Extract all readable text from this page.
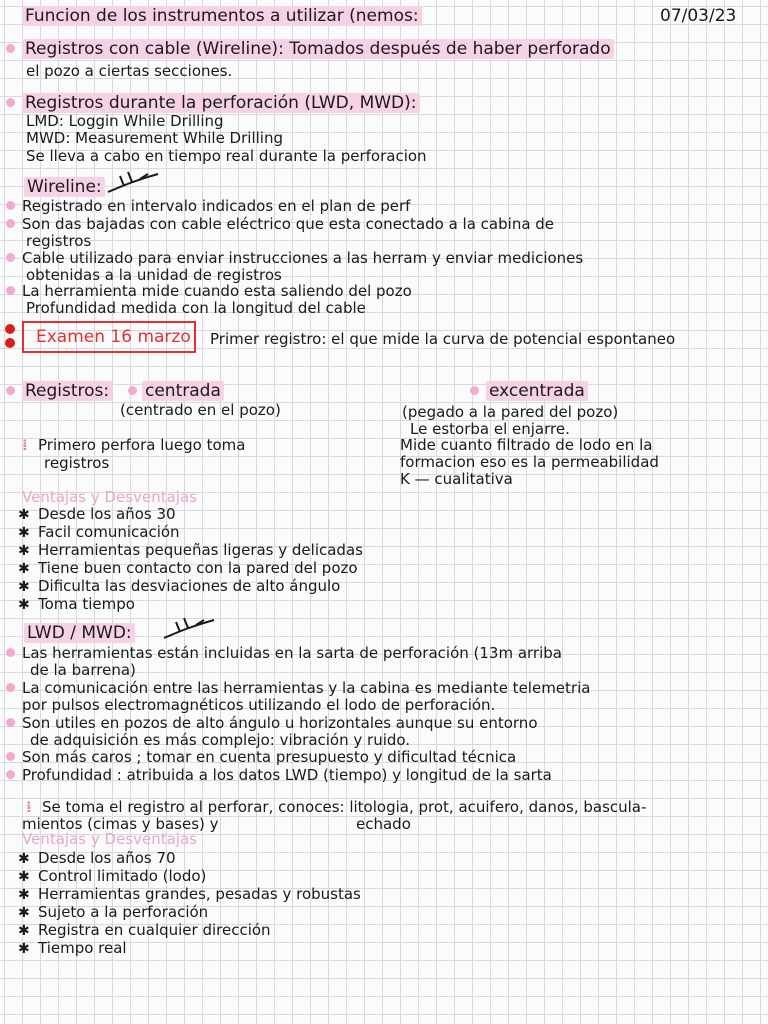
Funcion de los instrumentos a utilizar (nemos:	07/03/23
Registros con cable (Wireline): Tomados después de haber perforado
el pozo a ciertas secciones.
Registros durante la perforación (LWD, MWD):
LMD: Loggin While Drilling
MWD: Measurement While Drilling
Se lleva a cabo en tiempo real durante la perforacion
Wireline:
Registrado en intervalo indicados en el plan de perf
Son das bajadas con cable eléctrico que esta conectado a la cabina de
registros
Cable utilizado para enviar instrucciones a las herram y enviar mediciones
obtenidas a la unidad de registros
La herramienta mide cuando esta saliendo del pozo
Profundidad medida con la longitud del cable
Examen 16 marzo Primer registro: el que mide la curva de potencial espontaneo
Registros: centrada
(centrado en el pozo)
excentrada
(pegado a la pared del pozo)
Le estorba el enjarre.
Mide cuanto filtrado de lodo en la
formacion eso es la permeabilidad
K — cualitativa
⁞ Primero perfora luego toma
registros
Ventajas y Desventajas
✱ Desde los años 30
✱ Facil comunicación
✱ Herramientas pequeñas ligeras y delicadas
✱ Tiene buen contacto con la pared del pozo
✱ Dificulta las desviaciones de alto ángulo
✱ Toma tiempo
LWD / MWD:
Las herramientas están incluidas en la sarta de perforación (13m arriba
de la barrena)
La comunicación entre las herramientas y la cabina es mediante telemetria
por pulsos electromagnéticos utilizando el lodo de perforación.
Son utiles en pozos de alto ángulo u horizontales aunque su entorno
de adquisición es más complejo: vibración y ruido.
Son más caros ; tomar en cuenta presupuesto y dificultad técnica
Profundidad : atribuida a los datos LWD (tiempo) y longitud de la sarta
⁞ Se toma el registro al perforar, conoces: litologia, prot, acuifero, danos, bascula-
mientos (cimas y bases) y	echado
Ventajas y Desventajas
✱ Desde los años 70
✱ Control limitado (lodo)
✱ Herramientas grandes, pesadas y robustas
✱ Sujeto a la perforación
✱ Registra en cualquier dirección
✱ Tiempo real
